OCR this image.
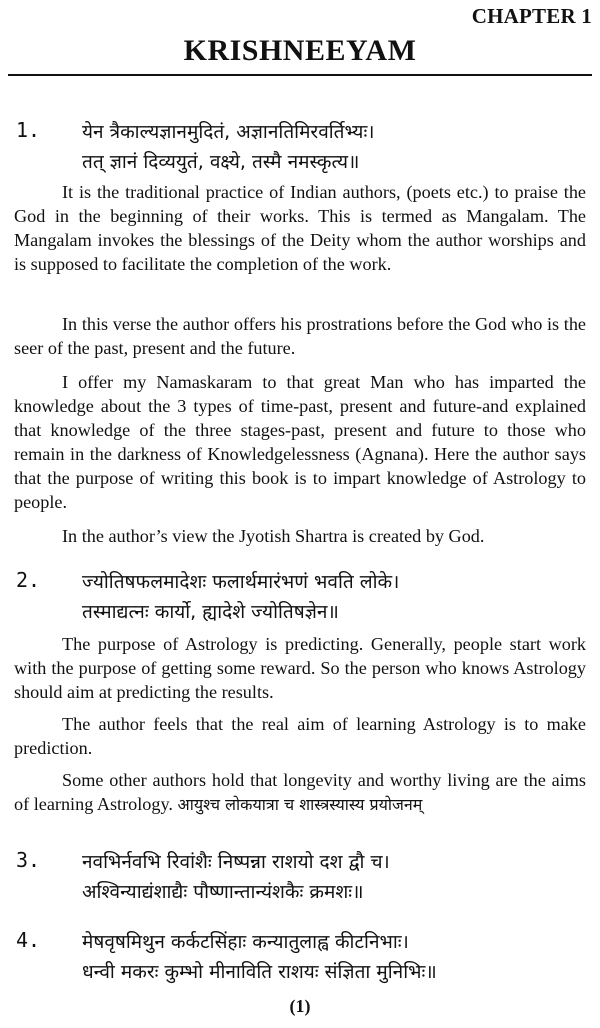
CHAPTER 1
KRISHNEEYAM
1. येन त्रैकाल्यज्ञानमुदितं, अज्ञानतिमिरवर्तिभ्यः।
तत् ज्ञानं दिव्ययुतं, वक्ष्ये, तस्मै नमस्कृत्य॥

It is the traditional practice of Indian authors, (poets etc.) to praise the God in the beginning of their works. This is termed as Mangalam. The Mangalam invokes the blessings of the Deity whom the author worships and is supposed to facilitate the completion of the work.

In this verse the author offers his prostrations before the God who is the seer of the past, present and the future.

I offer my Namaskaram to that great Man who has imparted the knowledge about the 3 types of time-past, present and future-and explained that knowledge of the three stages-past, present and future to those who remain in the darkness of Knowledgelessness (Agnana). Here the author says that the purpose of writing this book is to impart knowledge of Astrology to people.

In the author’s view the Jyotish Shartra is created by God.

2. ज्योतिषफलमादेशः फलार्थमारंभणं भवति लोके।
तस्माद्यत्नः कार्यो, ह्यादेशे ज्योतिषज्ञेन॥

The purpose of Astrology is predicting. Generally, people start work with the purpose of getting some reward. So the person who knows Astrology should aim at predicting the results.

The author feels that the real aim of learning Astrology is to make prediction.

Some other authors hold that longevity and worthy living are the aims of learning Astrology. आयुश्च लोकयात्रा च शास्त्रस्यास्य प्रयोजनम्

3. नवभिर्नवभि रिवांशैः निष्पन्ना राशयो दश द्वौ च।
अश्विन्याद्यंशाद्यैः पौष्णान्तान्यंशकैः क्रमशः॥
4. मेषवृषमिथुन कर्कटसिंहाः कन्यातुलाह्व कीटनिभाः।
धन्वी मकरः कुम्भो मीनाविति राशयः संज्ञिता मुनिभिः॥
(1)
